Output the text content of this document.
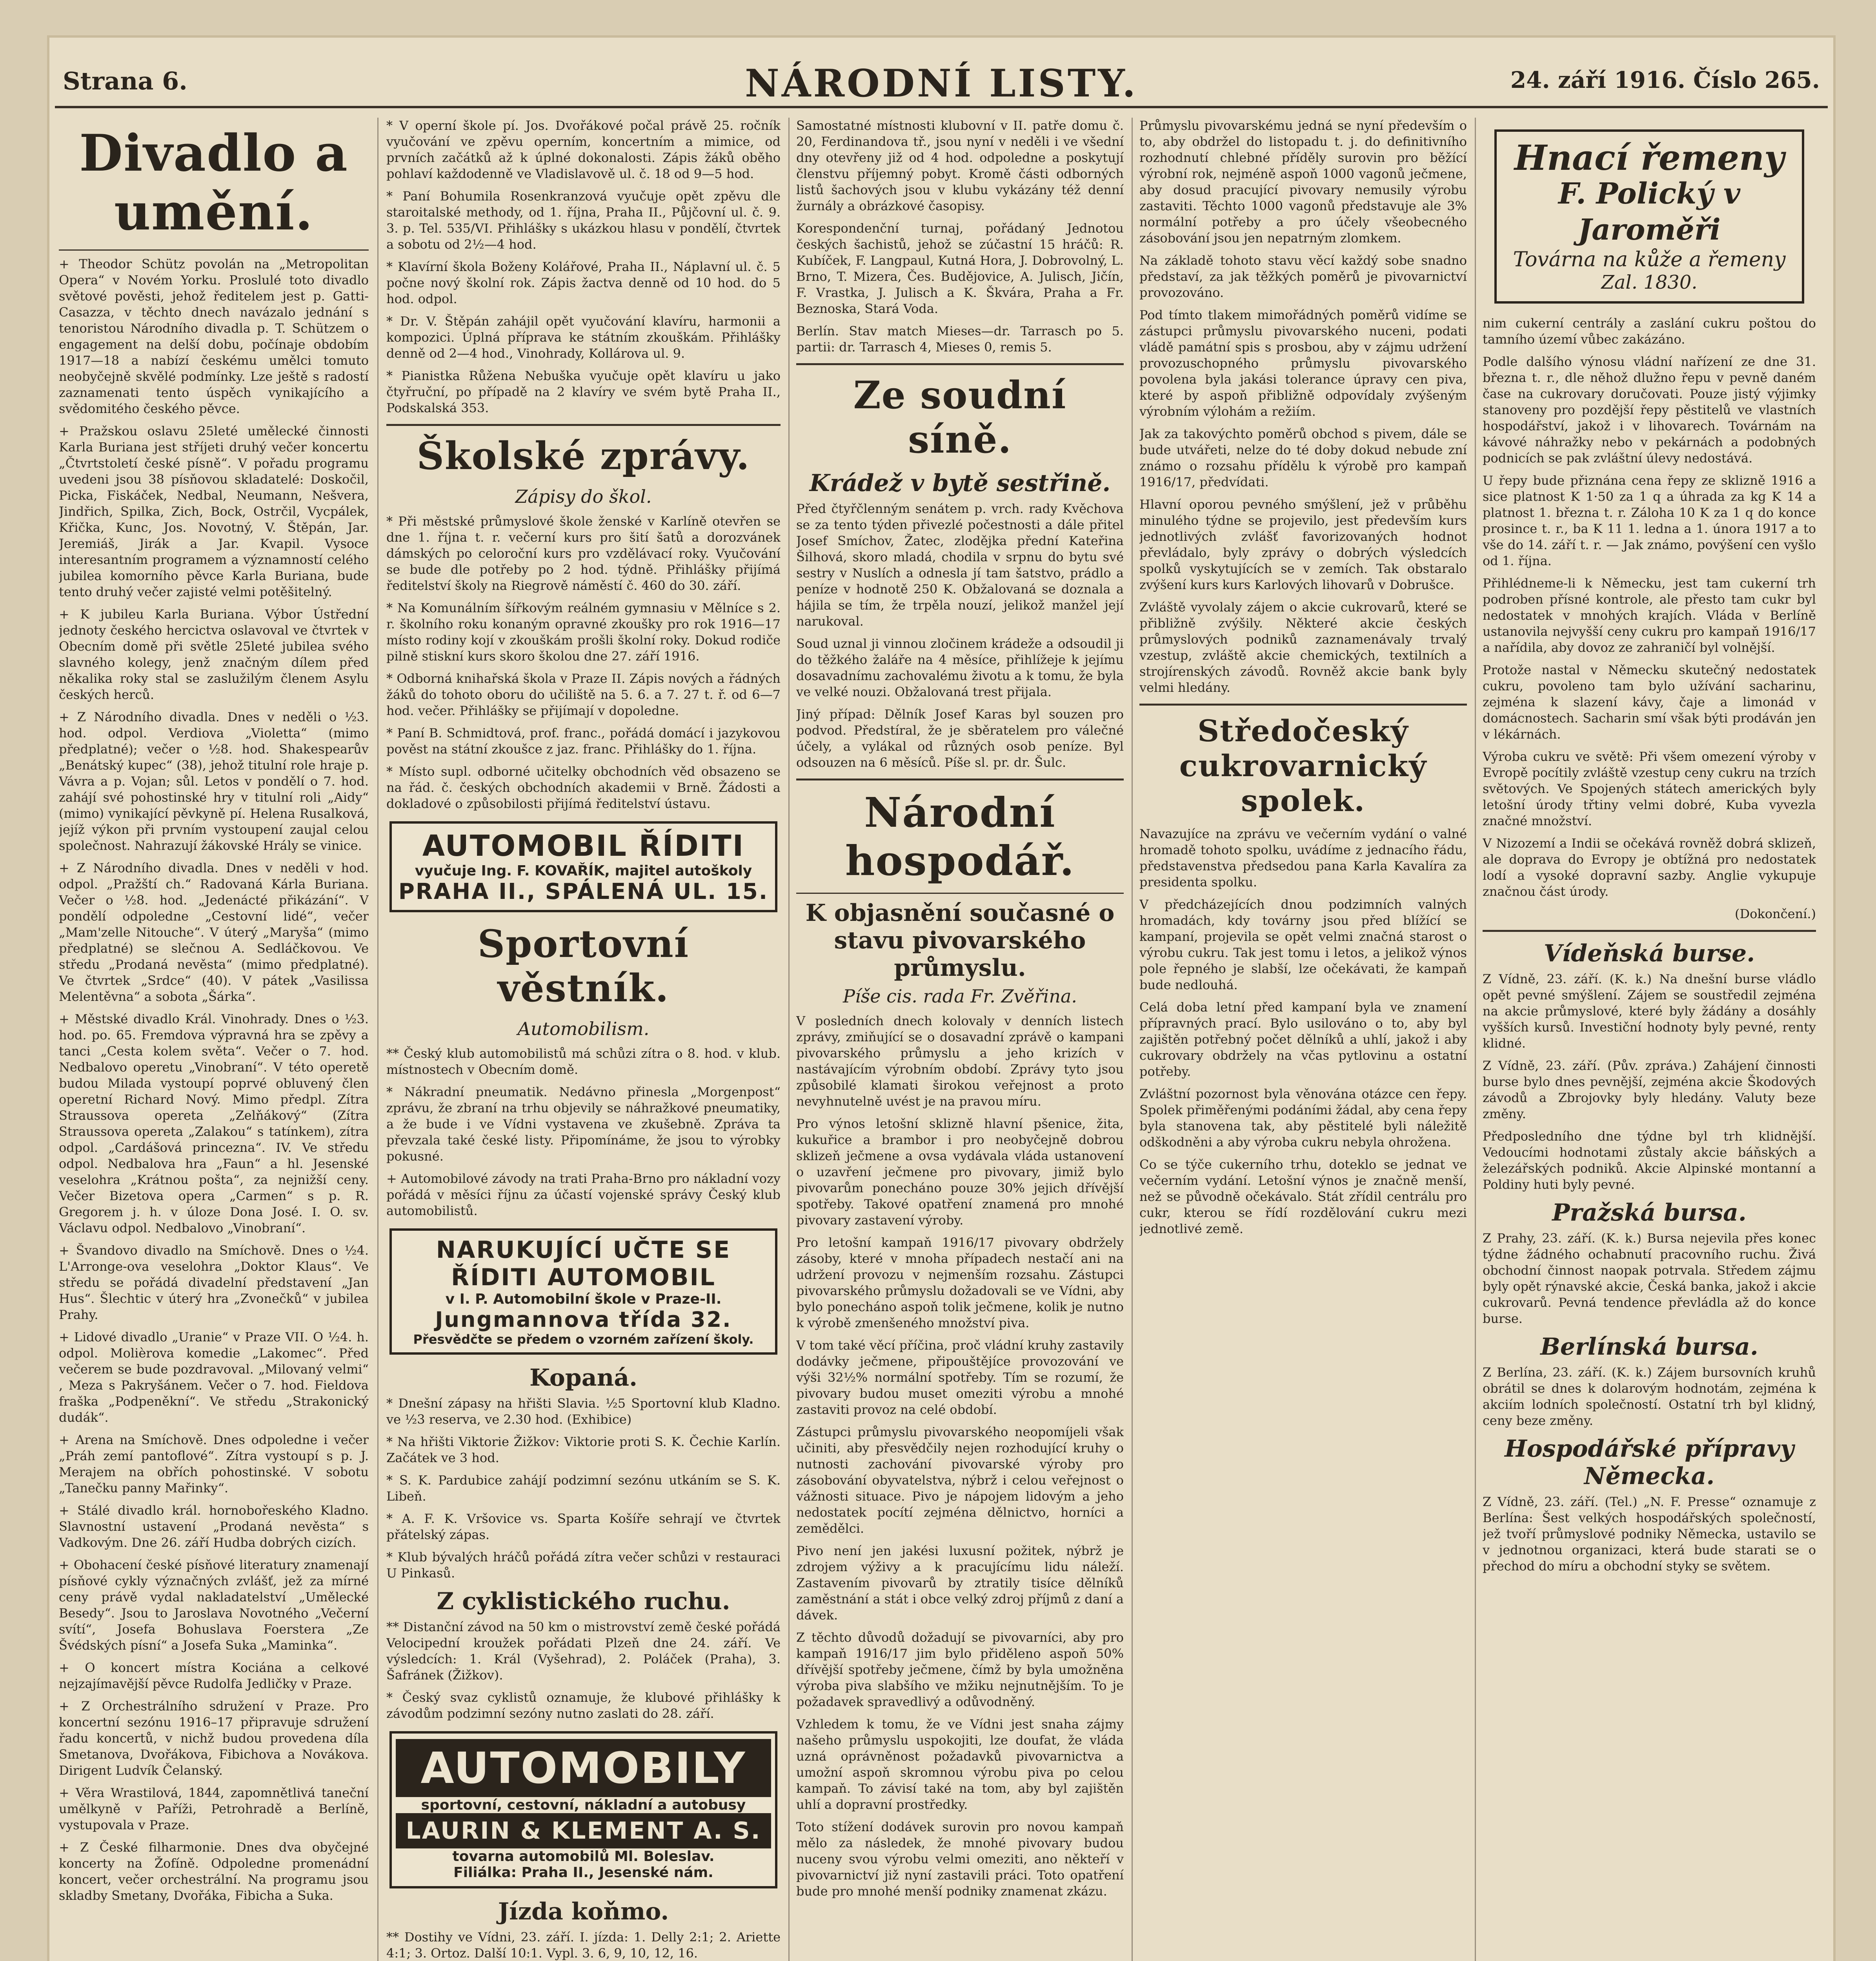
Strana 6.	NÁRODNÍ LISTY.	24. září 1916. Číslo 265.
Divadlo a umění.

+ Theodor Schütz povolán na „Metropolitan Opera“ v Novém Yorku. Proslulé toto divadlo světové pověsti, jehož ředitelem jest p. Gatti-Casazza, v těchto dnech navázalo jednání s tenoristou Národního divadla p. T. Schützem o engagement na delší dobu, počínaje obdobím 1917—18 a nabízí českému umělci tomuto neobyčejně skvělé podmínky. Lze ještě s radostí zaznamenati tento úspěch vynikajícího a svědomitého českého pěvce.

+ Pražskou oslavu 25leté umělecké činnosti Karla Buriana jest stříjeti druhý večer koncertu „Čtvrtstoletí české písně“. V pořadu programu uvedeni jsou 38 písňovou skladatelé: Doskočil, Picka, Fiskáček, Nedbal, Neumann, Nešvera, Jindřich, Spilka, Zich, Bock, Ostrčil, Vycpálek, Křička, Kunc, Jos. Novotný, V. Štěpán, Jar. Jeremiáš, Jirák a Jar. Kvapil. Vysoce interesantním programem a významností celého jubilea komorního pěvce Karla Buriana, bude tento druhý večer zajisté velmi potěšitelný.

+ K jubileu Karla Buriana. Výbor Ústřední jednoty českého hercictva oslavoval ve čtvrtek v Obecním domě při světle 25leté jubilea svého slavného kolegy, jenž značným dílem před někalika roky stal se zaslužilým členem Asylu českých herců.

+ Z Národního divadla. Dnes v neděli o ½3. hod. odpol. Verdiova „Violetta“ (mimo předplatné); večer o ½8. hod. Shakespearův „Benátský kupec“ (38), jehož titulní role hraje p. Vávra a p. Vojan; sůl. Letos v pondělí o 7. hod. zahájí své pohostinské hry v titulní roli „Aidy“ (mimo) vynikající pěvkyně pí. Helena Rusalková, jejíž výkon při prvním vystoupení zaujal celou společnost. Nahrazují žákovské Hrály se vinice.

+ Z Národního divadla. Dnes v neděli v hod. odpol. „Pražští ch.“ Radovaná Kárla Buriana. Večer o ½8. hod. „Jedenácté přikázání“. V pondělí odpoledne „Cestovní lidé“, večer „Mam'zelle Nitouche“. V úterý „Maryša“ (mimo předplatné) se slečnou A. Sedláčkovou. Ve středu „Prodaná nevěsta“ (mimo předplatné). Ve čtvrtek „Srdce“ (40). V pátek „Vasilissa Melentěvna“ a sobota „Šárka“.

+ Městské divadlo Král. Vinohrady. Dnes o ½3. hod. po. 65. Fremdova výpravná hra se zpěvy a tanci „Cesta kolem světa“. Večer o 7. hod. Nedbalovo operetu „Vinobraní“. V této operetě budou Milada vystoupí poprvé obluvený člen operetní Richard Nový. Mimo předpl. Zítra Straussova opereta „Zelňákový“ (Zítra Straussova opereta „Zalakou“ s tatínkem), zítra odpol. „Cardášová princezna“. IV. Ve středu odpol. Nedbalova hra „Faun“ a hl. Jesenské veselohra „Krátnou pošta“, za nejnižší ceny. Večer Bizetova opera „Carmen“ s p. R. Gregorem j. h. v úloze Dona José. I. O. sv. Václavu odpol. Nedbalovo „Vinobraní“.

+ Švandovo divadlo na Smíchově. Dnes o ½4. L'Arronge-ova veselohra „Doktor Klaus“. Ve středu se pořádá divadelní představení „Jan Hus“. Šlechtic v úterý hra „Zvonečků“ v jubilea Prahy.

+ Lidové divadlo „Uranie“ v Praze VII. O ½4. h. odpol. Molièrova komedie „Lakomec“. Před večerem se bude pozdravoval. „Milovaný velmi“ , Meza s Pakryšánem. Večer o 7. hod. Fieldova fraška „Podpeněkní“. Ve středu „Strakonický dudák“.

+ Arena na Smíchově. Dnes odpoledne i večer „Práh zemí pantoflové“. Zítra vystoupí s p. J. Merajem na obřích pohostinské. V sobotu „Tanečku panny Mařinky“.

+ Stálé divadlo král. hornobořeského Kladno. Slavnostní ustavení „Prodaná nevěsta“ s Vadkovým. Dne 26. září Hudba dobrých cizích.

+ Obohacení české písňové literatury znamenají písňové cykly význačných zvlášť, jež za mírné ceny právě vydal nakladatelství „Umělecké Besedy“. Jsou to Jaroslava Novotného „Večerní svítí“, Josefa Bohuslava Foerstera „Ze Švédských písní“ a Josefa Suka „Maminka“.

+ O koncert místra Kociána a celkové nejzajímavější pěvce Rudolfa Jedličky v Praze.

+ Z Orchestrálního sdružení v Praze. Pro koncertní sezónu 1916–17 připravuje sdružení řadu koncertů, v nichž budou provedena díla Smetanova, Dvořákova, Fibichova a Novákova. Dirigent Ludvík Čelanský.

+ Věra Wrastilová, 1844, zapomnětlivá taneční umělkyně v Paříži, Petrohradě a Berlíně, vystupovala v Praze.

+ Z České filharmonie. Dnes dva obyčejné koncerty na Žofíně. Odpoledne promenádní koncert, večer orchestrální. Na programu jsou skladby Smetany, Dvořáka, Fibicha a Suka.

* V operní škole pí. Jos. Dvořákové počal právě 25. ročník vyučování ve zpěvu operním, koncertním a mimice, od prvních začátků až k úplné dokonalosti. Zápis žáků oběho pohlaví každodenně ve Vladislavově ul. č. 18 od 9—5 hod.

* Paní Bohumila Rosenkranzová vyučuje opět zpěvu dle staroitalské methody, od 1. října, Praha II., Půjčovní ul. č. 9. 3. p. Tel. 535/VI. Přihlášky s ukázkou hlasu v pondělí, čtvrtek a sobotu od 2½—4 hod.

* Klavírní škola Boženy Kolářové, Praha II., Náplavní ul. č. 5 počne nový školní rok. Zápis žactva denně od 10 hod. do 5 hod. odpol.

* Dr. V. Štěpán zahájil opět vyučování klavíru, harmonii a kompozici. Úplná příprava ke státním zkouškám. Přihlášky denně od 2—4 hod., Vinohrady, Kollárova ul. 9.

* Pianistka Růžena Nebuška vyučuje opět klavíru u jako čtyřruční, po případě na 2 klavíry ve svém bytě Praha II., Podskalská 353.

Školské zprávy.
Zápisy do škol.

* Při městské průmyslové škole ženské v Karlíně otevřen se dne 1. října t. r. večerní kurs pro šití šatů a dorozvánek dámských po celoroční kurs pro vzdělávací roky. Vyučování se bude dle potřeby po 2 hod. týdně. Přihlášky přijímá ředitelství školy na Riegrově náměstí č. 460 do 30. září.

* Na Komunálním šířkovým reálném gymnasiu v Mělníce s 2. r. školního roku konaným opravné zkoušky pro rok 1916—17 místo rodiny kojí v zkouškám prošli školní roky. Dokud rodiče pilně stiskní kurs skoro školou dne 27. září 1916.

* Odborná knihařská škola v Praze II. Zápis nových a řádných žáků do tohoto oboru do učiliště na 5. 6. a 7. 27 t. ř. od 6—7 hod. večer. Přihlášky se přijímají v dopoledne.

* Paní B. Schmidtová, prof. franc., pořádá domácí i jazykovou pověst na státní zkoušce z jaz. franc. Přihlášky do 1. října.

* Místo supl. odborné učitelky obchodních věd obsazeno se na řád. č. českých obchodních akademii v Brně. Žádosti a dokladové o způsobilosti přijímá ředitelství ústavu.

AUTOMOBIL ŘÍDITI
vyučuje Ing. F. KOVAŘÍK, majitel autoškoly
PRAHA II., SPÁLENÁ UL. 15.
Sportovní věstník.
Automobilism.

** Český klub automobilistů má schůzi zítra o 8. hod. v klub. místnostech v Obecním domě.

* Nákradní pneumatik. Nedávno přinesla „Morgenpost“ zprávu, že zbraní na trhu objevily se náhražkové pneumatiky, a že bude i ve Vídni vystavena ve zkušebně. Zpráva ta převzala také české listy. Připomínáme, že jsou to výrobky pokusné.

+ Automobilové závody na trati Praha-Brno pro nákladní vozy pořádá v měsíci říjnu za účastí vojenské správy Český klub automobilistů.

NARUKUJÍCÍ UČTE SE ŘÍDITI AUTOMOBIL
v I. P. Automobilní škole v Praze-II.
Jungmannova třída 32.
Přesvědčte se předem o vzorném zařízení školy.
Kopaná.

* Dnešní zápasy na hřišti Slavia. ½5 Sportovní klub Kladno. ve ½3 reserva, ve 2.30 hod. (Exhibice)

* Na hřišti Viktorie Žižkov: Viktorie proti S. K. Čechie Karlín. Začátek ve 3 hod.

* S. K. Pardubice zahájí podzimní sezónu utkáním se S. K. Libeň.

* A. F. K. Vršovice vs. Sparta Košíře sehrají ve čtvrtek přátelský zápas.

* Klub bývalých hráčů pořádá zítra večer schůzi v restauraci U Pinkasů.

Z cyklistického ruchu.

** Distanční závod na 50 km o mistrovství země české pořádá Velocipední kroužek pořádati Plzeň dne 24. září. Ve výsledcích: 1. Král (Vyšehrad), 2. Poláček (Praha), 3. Šafránek (Žižkov).

* Český svaz cyklistů oznamuje, že klubové přihlášky k závodům podzimní sezóny nutno zaslati do 28. září.

AUTOMOBILY
sportovní, cestovní, nákladní a autobusy
LAURIN & KLEMENT A. S.
tovarna automobilů Ml. Boleslav.
Filiálka: Praha II., Jesenské nám.
Jízda koňmo.

** Dostihy ve Vídni, 23. září. I. jízda: 1. Delly 2:1; 2. Ariette 4:1; 3. Ortoz. Další 10:1. Vypl. 3. 6, 9, 10, 12, 16.

Samostatné místnosti klubovní v II. patře domu č. 20, Ferdinandova tř., jsou nyní v neděli i ve všední dny otevřeny již od 4 hod. odpoledne a poskytují členstvu příjemný pobyt. Kromě části odborných listů šachových jsou v klubu vykázány též denní žurnály a obrázkové časopisy.

Korespondenční turnaj, pořádaný Jednotou českých šachistů, jehož se zúčastní 15 hráčů: R. Kubíček, F. Langpaul, Kutná Hora, J. Dobrovolný, L. Brno, T. Mizera, Čes. Budějovice, A. Julisch, Jičín, F. Vrastka, J. Julisch a K. Škvára, Praha a Fr. Beznoska, Stará Voda.

Berlín. Stav match Mieses—dr. Tarrasch po 5. partii: dr. Tarrasch 4, Mieses 0, remis 5.

Ze soudní síně.
Krádež v bytě sestřině.

Před čtyřčlenným senátem p. vrch. rady Kvěchova se za tento týden přivezlé počestnosti a dále přitel Josef Smíchov, Žatec, zlodějka přední Kateřina Šilhová, skoro mladá, chodila v srpnu do bytu své sestry v Nuslích a odnesla jí tam šatstvo, prádlo a peníze v hodnotě 250 K. Obžalovaná se doznala a hájila se tím, že trpěla nouzí, jelikož manžel její narukoval.

Soud uznal ji vinnou zločinem krádeže a odsoudil ji do těžkého žaláře na 4 měsíce, přihlížeje k jejímu dosavadnímu zachovalému životu a k tomu, že byla ve velké nouzi. Obžalovaná trest přijala.

Jiný případ: Dělník Josef Karas byl souzen pro podvod. Předstíral, že je sběratelem pro válečné účely, a vylákal od různých osob peníze. Byl odsouzen na 6 měsíců. Píše sl. pr. dr. Šulc.

Národní hospodář.
K objasnění současné o stavu pivovarského průmyslu.
Píše cis. rada Fr. Zvěřina.

V posledních dnech kolovaly v denních listech zprávy, zmiňující se o dosavadní zprávě o kampani pivovarského průmyslu a jeho krizích v nastávajícím výrobním období. Zprávy tyto jsou způsobilé klamati širokou veřejnost a proto nevyhnutelně uvést je na pravou míru.

Pro výnos letošní sklizně hlavní pšenice, žita, kukuřice a brambor i pro neobyčejně dobrou sklizeň ječmene a ovsa vydávala vláda ustanovení o uzavření ječmene pro pivovary, jimiž bylo pivovarům ponecháno pouze 30% jejich dřívější spotřeby. Takové opatření znamená pro mnohé pivovary zastavení výroby.

Pro letošní kampaň 1916/17 pivovary obdržely zásoby, které v mnoha případech nestačí ani na udržení provozu v nejmenším rozsahu. Zástupci pivovarského průmyslu dožadovali se ve Vídni, aby bylo ponecháno aspoň tolik ječmene, kolik je nutno k výrobě zmenšeného množství piva.

V tom také věcí příčina, proč vládní kruhy zastavily dodávky ječmene, připouštějíce provozování ve výši 32½% normální spotřeby. Tím se rozumí, že pivovary budou muset omeziti výrobu a mnohé zastaviti provoz na celé období.

Zástupci průmyslu pivovarského neopomíjeli však učiniti, aby přesvědčily nejen rozhodující kruhy o nutnosti zachování pivovarské výroby pro zásobování obyvatelstva, nýbrž i celou veřejnost o vážnosti situace. Pivo je nápojem lidovým a jeho nedostatek pocítí zejména dělnictvo, horníci a zemědělci.

Pivo není jen jakési luxusní požitek, nýbrž je zdrojem výživy a k pracujícímu lidu náleží. Zastavením pivovarů by ztratily tisíce dělníků zaměstnání a stát i obce velký zdroj příjmů z daní a dávek.

Z těchto důvodů dožadují se pivovarníci, aby pro kampaň 1916/17 jim bylo přiděleno aspoň 50% dřívější spotřeby ječmene, čímž by byla umožněna výroba piva slabšího ve mžiku nejnutnějším. To je požadavek spravedlivý a odůvodněný.

Vzhledem k tomu, že ve Vídni jest snaha zájmy našeho průmyslu uspokojiti, lze doufat, že vláda uzná oprávněnost požadavků pivovarnictva a umožní aspoň skromnou výrobu piva po celou kampaň. To závisí také na tom, aby byl zajištěn uhlí a dopravní prostředky.

Toto stížení dodávek surovin pro novou kampaň mělo za následek, že mnohé pivovary budou nuceny svou výrobu velmi omeziti, ano někteří v pivovarnictví již nyní zastavili práci. Toto opatření bude pro mnohé menší podniky znamenat zkázu.

Průmyslu pivovarskému jedná se nyní především o to, aby obdržel do listopadu t. j. do definitivního rozhodnutí chlebné příděly surovin pro běžící výrobní rok, nejméně aspoň 1000 vagonů ječmene, aby dosud pracující pivovary nemusily výrobu zastaviti. Těchto 1000 vagonů představuje ale 3% normální potřeby a pro účely všeobecného zásobování jsou jen nepatrným zlomkem.

Na základě tohoto stavu věcí každý sobe snadno představí, za jak těžkých poměrů je pivovarnictví provozováno.

Pod tímto tlakem mimořádných poměrů vidíme se zástupci průmyslu pivovarského nuceni, podati vládě památní spis s prosbou, aby v zájmu udržení provozuschopného průmyslu pivovarského povolena byla jakási tolerance úpravy cen piva, které by aspoň přibližně odpovídaly zvýšeným výrobním výlohám a režiím.

Jak za takovýchto poměrů obchod s pivem, dále se bude utvářeti, nelze do té doby dokud nebude zní známo o rozsahu přídělu k výrobě pro kampaň 1916/17, předvídati.

Hlavní oporou pevného smýšlení, jež v průběhu minulého týdne se projevilo, jest především kurs jednotlivých zvlášť favorizovaných hodnot převládalo, byly zprávy o dobrých výsledcích spolků vyskytujících se v zemích. Tak obstaralo zvýšení kurs kurs Karlových lihovarů v Dobrušce.

Zvláště vyvolaly zájem o akcie cukrovarů, které se přibližně zvýšily. Některé akcie českých průmyslových podniků zaznamenávaly trvalý vzestup, zvláště akcie chemických, textilních a strojírenských závodů. Rovněž akcie bank byly velmi hledány.

Středočeský cukrovarnický spolek.

Navazujíce na zprávu ve večerním vydání o valné hromadě tohoto spolku, uvádíme z jednacího řádu, představenstva předsedou pana Karla Kavalíra za presidenta spolku.

V předcházejících dnou podzimních valných hromadách, kdy továrny jsou před blížící se kampaní, projevila se opět velmi značná starost o výrobu cukru. Tak jest tomu i letos, a jelikož výnos pole řepného je slabší, lze očekávati, že kampaň bude nedlouhá.

Celá doba letní před kampaní byla ve znamení přípravných prací. Bylo usilováno o to, aby byl zajištěn potřebný počet dělníků a uhlí, jakož i aby cukrovary obdržely na včas pytlovinu a ostatní potřeby.

Zvláštní pozornost byla věnována otázce cen řepy. Spolek přiměřenými podáními žádal, aby cena řepy byla stanovena tak, aby pěstitelé byli náležitě odškodněni a aby výroba cukru nebyla ohrožena.

Co se týče cukerního trhu, doteklo se jednat ve večerním vydání. Letošní výnos je značně menší, než se původně očekávalo. Stát zřídil centrálu pro cukr, kterou se řídí rozdělování cukru mezi jednotlivé země.

Hnací řemeny
F. Polický v Jaroměři
Továrna na kůže a řemeny
Zal. 1830.

nim cukerní centrály a zaslání cukru poštou do tamního území vůbec zakázáno.

Podle dalšího výnosu vládní nařízení ze dne 31. března t. r., dle něhož dlužno řepu v pevně daném čase na cukrovary doručovati. Pouze jistý výjimky stanoveny pro pozdější řepy pěstitelů ve vlastních hospodářství, jakož i v lihovarech. Továrnám na kávové náhražky nebo v pekárnách a podobných podnicích se pak zvláštní úlevy nedostává.

U řepy bude přiznána cena řepy ze sklizně 1916 a sice platnost K 1·50 za 1 q a úhrada za kg K 14 a platnost 1. března t. r. Záloha 10 K za 1 q do konce prosince t. r., ba K 11 1. ledna a 1. února 1917 a to vše do 14. září t. r. — Jak známo, povýšení cen vyšlo od 1. října.

Přihlédneme-li k Německu, jest tam cukerní trh podroben přísné kontrole, ale přesto tam cukr byl nedostatek v mnohých krajích. Vláda v Berlíně ustanovila nejvyšší ceny cukru pro kampaň 1916/17 a nařídila, aby dovoz ze zahraničí byl volnější.

Protože nastal v Německu skutečný nedostatek cukru, povoleno tam bylo užívání sacharinu, zejména k slazení kávy, čaje a limonád v domácnostech. Sacharin smí však býti prodáván jen v lékárnách.

Výroba cukru ve světě: Při všem omezení výroby v Evropě pocítily zvláště vzestup ceny cukru na trzích světových. Ve Spojených státech amerických byly letošní úrody třtiny velmi dobré, Kuba vyvezla značné množství.

V Nizozemí a Indii se očekává rovněž dobrá sklizeň, ale doprava do Evropy je obtížná pro nedostatek lodí a vysoké dopravní sazby. Anglie vykupuje značnou část úrody.

(Dokončení.)
Vídeňská burse.

Z Vídně, 23. září. (K. k.) Na dnešní burse vládlo opět pevné smýšlení. Zájem se soustředil zejména na akcie průmyslové, které byly žádány a dosáhly vyšších kursů. Investiční hodnoty byly pevné, renty klidné.

Z Vídně, 23. září. (Pův. zpráva.) Zahájení činnosti burse bylo dnes pevnější, zejména akcie Škodových závodů a Zbrojovky byly hledány. Valuty beze změny.

Předposledního dne týdne byl trh klidnější. Vedoucími hodnotami zůstaly akcie báňských a železářských podniků. Akcie Alpinské montanní a Poldiny huti byly pevné.

Pražská bursa.

Z Prahy, 23. září. (K. k.) Bursa nejevila přes konec týdne žádného ochabnutí pracovního ruchu. Živá obchodní činnost naopak potrvala. Středem zájmu byly opět rýnavské akcie, Česká banka, jakož i akcie cukrovarů. Pevná tendence převládla až do konce burse.

Berlínská bursa.

Z Berlína, 23. září. (K. k.) Zájem bursovních kruhů obrátil se dnes k dolarovým hodnotám, zejména k akciím lodních společností. Ostatní trh byl klidný, ceny beze změny.

Hospodářské přípravy Německa.

Z Vídně, 23. září. (Tel.) „N. F. Presse“ oznamuje z Berlína: Šest velkých hospodářských společností, jež tvoří průmyslové podniky Německa, ustavilo se v jednotnou organizaci, která bude starati se o přechod do míru a obchodní styky se světem.
